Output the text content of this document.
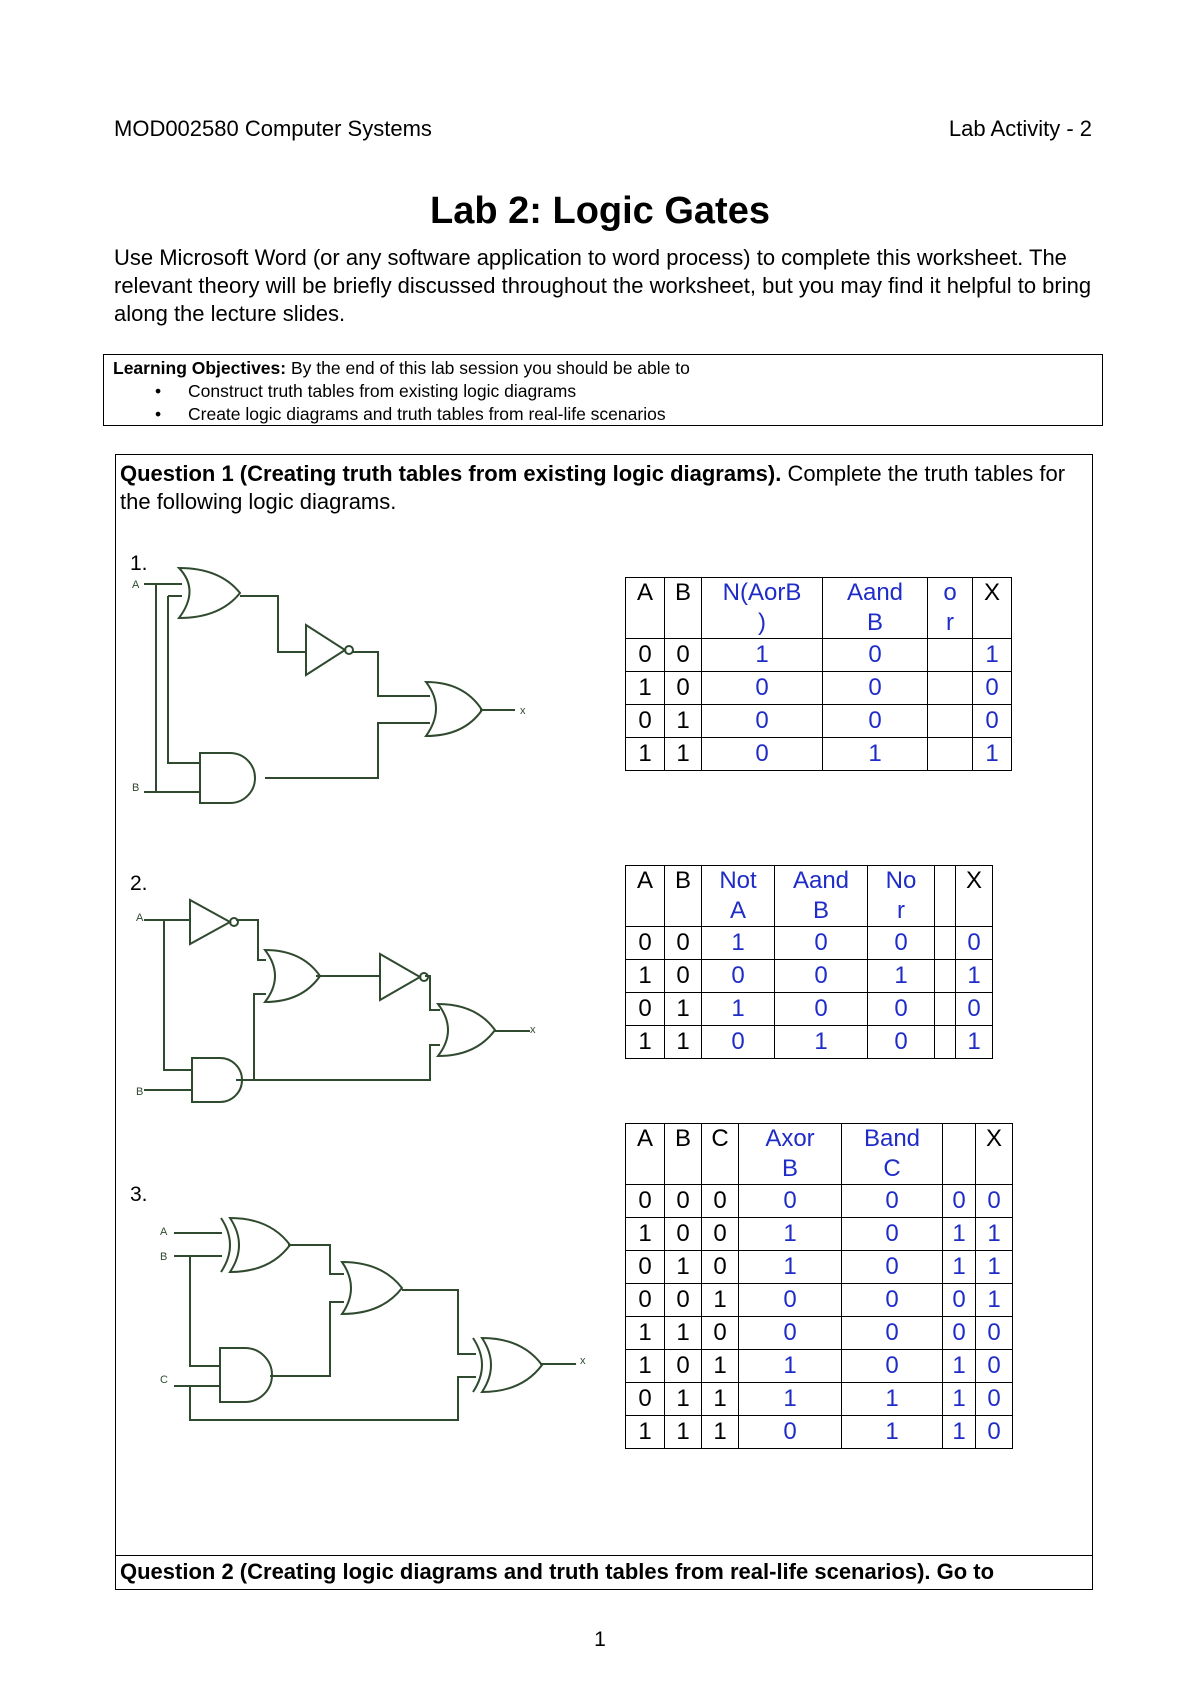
MOD002580 Computer Systems	Lab Activity - 2
Lab 2: Logic Gates
Use Microsoft Word (or any software application to word process) to complete this worksheet. The relevant theory will be briefly discussed throughout the worksheet, but you may find it helpful to bring along the lecture slides.
Learning Objectives: By the end of this lab session you should be able to
• Construct truth tables from existing logic diagrams
• Create logic diagrams and truth tables from real-life scenarios
Question 1 (Creating truth tables from existing logic diagrams). Complete the truth tables for the following logic diagrams.
1.
2.
3.
A
B
x
A
B
x
A
B
C
x
A	B	N(AorB
)	Aand
B	o
r	X
0	0	1	0		1
1	0	0	0		0
0	1	0	0		0
1	1	0	1		1
A	B	Not
A	Aand
B	No
r		X
0	0	1	0	0		0
1	0	0	0	1		1
0	1	1	0	0		0
1	1	0	1	0		1
A	B	C	Axor
B	Band
C		X
0	0	0	0	0	0	0
1	0	0	1	0	1	1
0	1	0	1	0	1	1
0	0	1	0	0	0	1
1	1	0	0	0	0	0
1	0	1	1	0	1	0
0	1	1	1	1	1	0
1	1	1	0	1	1	0
Question 2 (Creating logic diagrams and truth tables from real-life scenarios). Go to
1
